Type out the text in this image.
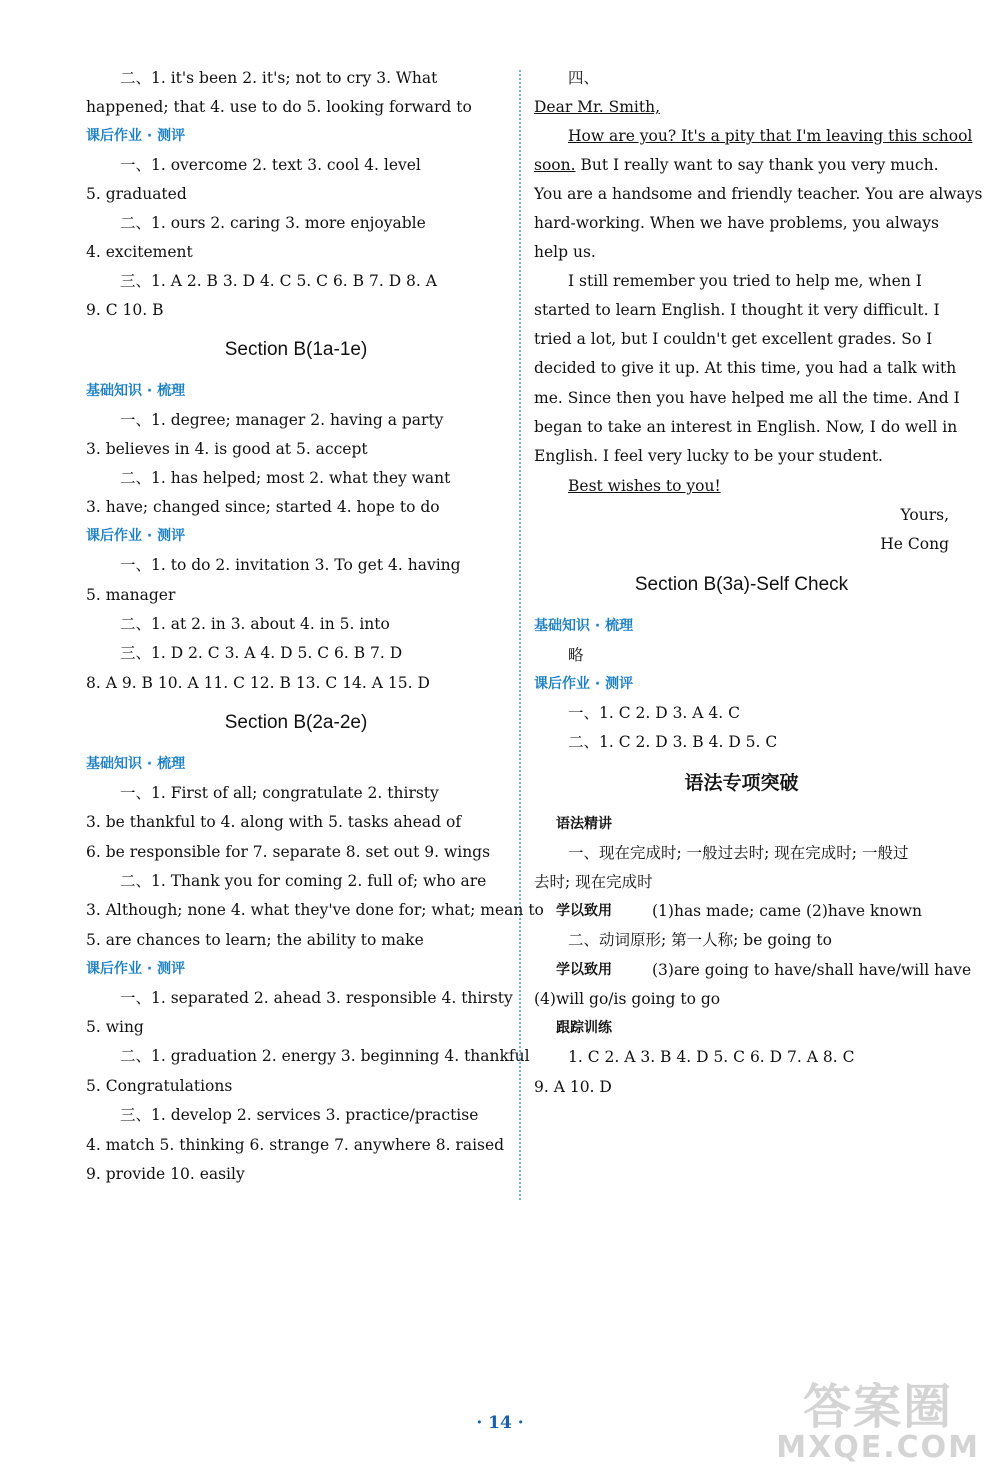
二、1. it's been 2. it's; not to cry 3. What
happened; that 4. use to do 5. looking forward to
课后作业 · 测评
一、1. overcome 2. text 3. cool 4. level
5. graduated
二、1. ours 2. caring 3. more enjoyable
4. excitement
三、1. A 2. B 3. D 4. C 5. C 6. B 7. D 8. A
9. C 10. B
Section B(1a-1e)
基础知识 · 梳理
一、1. degree; manager 2. having a party
3. believes in 4. is good at 5. accept
二、1. has helped; most 2. what they want
3. have; changed since; started 4. hope to do
课后作业 · 测评
一、1. to do 2. invitation 3. To get 4. having
5. manager
二、1. at 2. in 3. about 4. in 5. into
三、1. D 2. C 3. A 4. D 5. C 6. B 7. D
8. A 9. B 10. A 11. C 12. B 13. C 14. A 15. D
Section B(2a-2e)
基础知识 · 梳理
一、1. First of all; congratulate 2. thirsty
3. be thankful to 4. along with 5. tasks ahead of
6. be responsible for 7. separate 8. set out 9. wings
二、1. Thank you for coming 2. full of; who are
3. Although; none 4. what they've done for; what; mean to
5. are chances to learn; the ability to make
课后作业 · 测评
一、1. separated 2. ahead 3. responsible 4. thirsty
5. wing
二、1. graduation 2. energy 3. beginning 4. thankful
5. Congratulations
三、1. develop 2. services 3. practice/practise
4. match 5. thinking 6. strange 7. anywhere 8. raised
9. provide 10. easily
四、
Dear Mr. Smith,
How are you? It's a pity that I'm leaving this school
soon. But I really want to say thank you very much.
You are a handsome and friendly teacher. You are always
hard-working. When we have problems, you always
help us.
I still remember you tried to help me, when I
started to learn English. I thought it very difficult. I
tried a lot, but I couldn't get excellent grades. So I
decided to give it up. At this time, you had a talk with
me. Since then you have helped me all the time. And I
began to take an interest in English. Now, I do well in
English. I feel very lucky to be your student.
Best wishes to you!
Yours,
He Cong
Section B(3a)-Self Check
基础知识 · 梳理
略
课后作业 · 测评
一、1. C 2. D 3. A 4. C
二、1. C 2. D 3. B 4. D 5. C
语法专项突破
语法精讲
一、现在完成时; 一般过去时; 现在完成时; 一般过
去时; 现在完成时
学以致用	(1)has made; came (2)have known
二、动词原形; 第一人称; be going to
学以致用	(3)are going to have/shall have/will have
(4)will go/is going to go
跟踪训练
1. C 2. A 3. B 4. D 5. C 6. D 7. A 8. C
9. A 10. D
· 14 ·	答案圈
MXQE.COM
